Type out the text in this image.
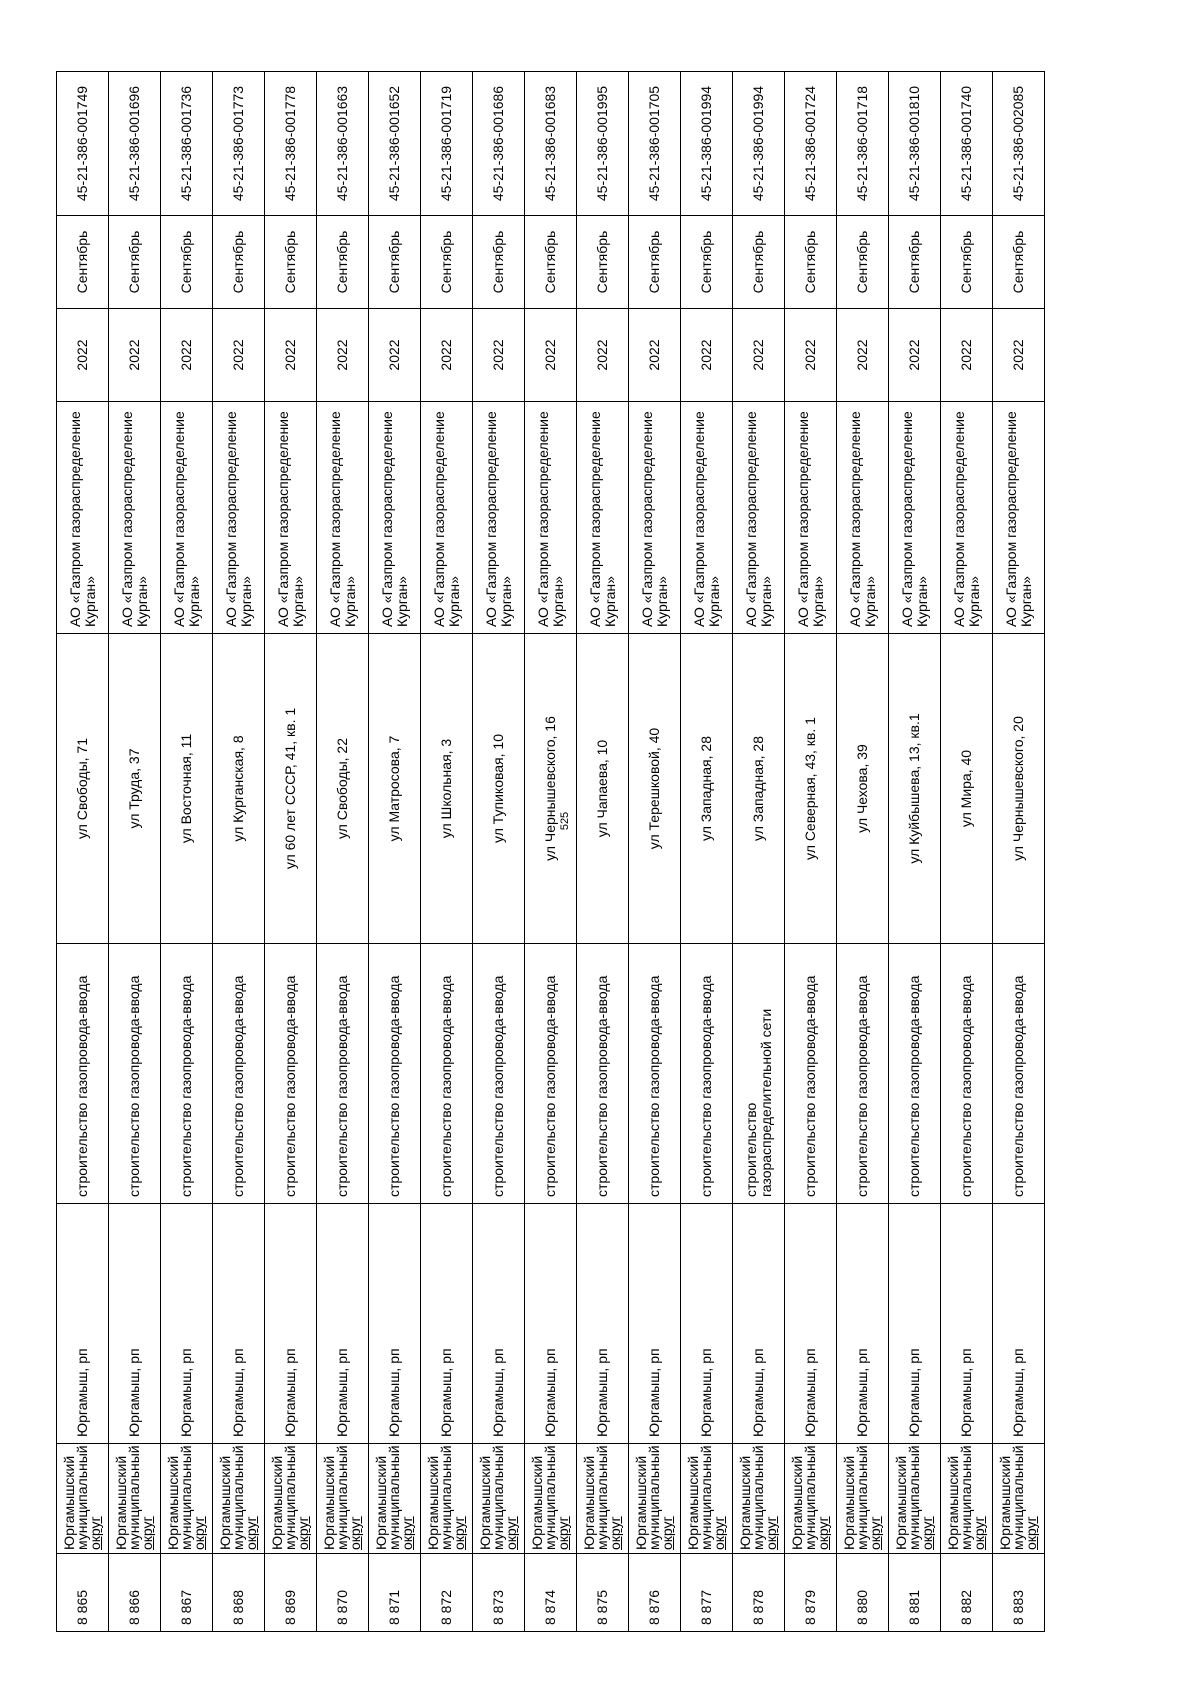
525
8 865	Юргамышский
муниципальный
округ	Юргамыш, рп	строительство газопровода-ввода	ул Свободы, 71	АО «Газпром газораспределение Курган»	2022	Сентябрь	45-21-386-001749
8 866	Юргамышский
муниципальный
округ	Юргамыш, рп	строительство газопровода-ввода	ул Труда, 37	АО «Газпром газораспределение Курган»	2022	Сентябрь	45-21-386-001696
8 867	Юргамышский
муниципальный
округ	Юргамыш, рп	строительство газопровода-ввода	ул Восточная, 11	АО «Газпром газораспределение Курган»	2022	Сентябрь	45-21-386-001736
8 868	Юргамышский
муниципальный
округ	Юргамыш, рп	строительство газопровода-ввода	ул Курганская, 8	АО «Газпром газораспределение Курган»	2022	Сентябрь	45-21-386-001773
8 869	Юргамышский
муниципальный
округ	Юргамыш, рп	строительство газопровода-ввода	ул 60 лет СССР, 41, кв. 1	АО «Газпром газораспределение Курган»	2022	Сентябрь	45-21-386-001778
8 870	Юргамышский
муниципальный
округ	Юргамыш, рп	строительство газопровода-ввода	ул Свободы, 22	АО «Газпром газораспределение Курган»	2022	Сентябрь	45-21-386-001663
8 871	Юргамышский
муниципальный
округ	Юргамыш, рп	строительство газопровода-ввода	ул Матросова, 7	АО «Газпром газораспределение Курган»	2022	Сентябрь	45-21-386-001652
8 872	Юргамышский
муниципальный
округ	Юргамыш, рп	строительство газопровода-ввода	ул Школьная, 3	АО «Газпром газораспределение Курган»	2022	Сентябрь	45-21-386-001719
8 873	Юргамышский
муниципальный
округ	Юргамыш, рп	строительство газопровода-ввода	ул Тупиковая, 10	АО «Газпром газораспределение Курган»	2022	Сентябрь	45-21-386-001686
8 874	Юргамышский
муниципальный
округ	Юргамыш, рп	строительство газопровода-ввода	ул Чернышевского, 16	АО «Газпром газораспределение Курган»	2022	Сентябрь	45-21-386-001683
8 875	Юргамышский
муниципальный
округ	Юргамыш, рп	строительство газопровода-ввода	ул Чапаева, 10	АО «Газпром газораспределение Курган»	2022	Сентябрь	45-21-386-001995
8 876	Юргамышский
муниципальный
округ	Юргамыш, рп	строительство газопровода-ввода	ул Терешковой, 40	АО «Газпром газораспределение Курган»	2022	Сентябрь	45-21-386-001705
8 877	Юргамышский
муниципальный
округ	Юргамыш, рп	строительство газопровода-ввода	ул Западная, 28	АО «Газпром газораспределение Курган»	2022	Сентябрь	45-21-386-001994
8 878	Юргамышский
муниципальный
округ	Юргамыш, рп	строительство газораспределительной сети	ул Западная, 28	АО «Газпром газораспределение Курган»	2022	Сентябрь	45-21-386-001994
8 879	Юргамышский
муниципальный
округ	Юргамыш, рп	строительство газопровода-ввода	ул Северная, 43, кв. 1	АО «Газпром газораспределение Курган»	2022	Сентябрь	45-21-386-001724
8 880	Юргамышский
муниципальный
округ	Юргамыш, рп	строительство газопровода-ввода	ул Чехова, 39	АО «Газпром газораспределение Курган»	2022	Сентябрь	45-21-386-001718
8 881	Юргамышский
муниципальный
округ	Юргамыш, рп	строительство газопровода-ввода	ул Куйбышева, 13, кв.1	АО «Газпром газораспределение Курган»	2022	Сентябрь	45-21-386-001810
8 882	Юргамышский
муниципальный
округ	Юргамыш, рп	строительство газопровода-ввода	ул Мира, 40	АО «Газпром газораспределение Курган»	2022	Сентябрь	45-21-386-001740
8 883	Юргамышский
муниципальный
округ	Юргамыш, рп	строительство газопровода-ввода	ул Чернышевского, 20	АО «Газпром газораспределение Курган»	2022	Сентябрь	45-21-386-002085
